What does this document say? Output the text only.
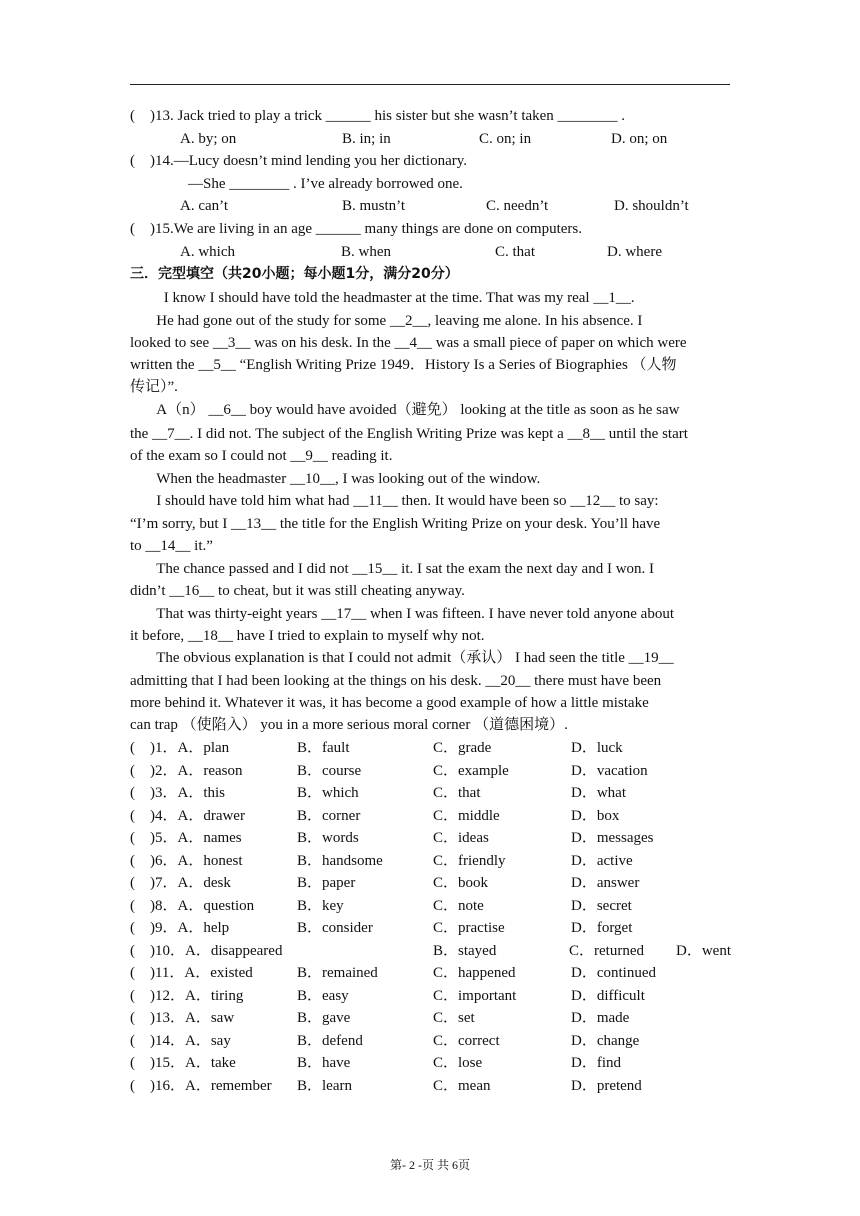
(    )13. Jack tried to play a trick ______ his sister but she wasn’t taken ________ .
A. by; on	B. in; in	C. on; in	D. on; on
(    )14.—Lucy doesn’t mind lending you her dictionary.
—She ________ . I’ve already borrowed one.
A. can’t	B. mustn’t	C. needn’t	D. shouldn’t
(    )15.We are living in an age ______ many things are done on computers.
A. which	B. when	C. that	D. where
三．完型填空（共20小题；每小题1分，满分20分）
I know I should have told the headmaster at the time. That was my real __1__.
He had gone out of the study for some __2__, leaving me alone. In his absence. I
looked to see __3__ was on his desk. In the __4__ was a small piece of paper on which were
written the __5__ “English Writing Prize 1949．History Is a Series of Biographies （人物
传记）”.
A（n） __6__ boy would have avoided（避免） looking at the title as soon as he saw
the __7__. I did not. The subject of the English Writing Prize was kept a __8__ until the start
of the exam so I could not __9__ reading it.
When the headmaster __10__, I was looking out of the window.
I should have told him what had __11__ then. It would have been so __12__ to say:
“I’m sorry, but I __13__ the title for the English Writing Prize on your desk. You’ll have
to __14__ it.”
The chance passed and I did not __15__ it. I sat the exam the next day and I won. I
didn’t __16__ to cheat, but it was still cheating anyway.
That was thirty-eight years __17__ when I was fifteen. I have never told anyone about
it before, __18__ have I tried to explain to myself why not.
The obvious explanation is that I could not admit（承认） I had seen the title __19__
admitting that I had been looking at the things on his desk. __20__ there must have been
more behind it. Whatever it was, it has become a good example of how a little mistake
can trap （使陷入） you in a more serious moral corner （道德困境）.
(    )1．A．plan	B．fault	C．grade	D．luck
(    )2．A．reason	B．course	C．example	D．vacation
(    )3．A．this	B．which	C．that	D．what
(    )4．A．drawer	B．corner	C．middle	D．box
(    )5．A．names	B．words	C．ideas	D．messages
(    )6．A．honest	B．handsome	C．friendly	D．active
(    )7．A．desk	B．paper	C．book	D．answer
(    )8．A．question	B．key	C．note	D．secret
(    )9．A．help	B．consider	C．practise	D．forget
(    )10．A．disappeared	B．stayed	C．returned D．went
(    )11．A．existed	B．remained	C．happened	D．continued
(    )12．A．tiring	B．easy	C．important	D．difficult
(    )13．A．saw	B．gave	C．set	D．made
(    )14．A．say	B．defend	C．correct	D．change
(    )15．A．take	B．have	C．lose	D．find
(    )16．A．remember B．learn	C．mean	D．pretend
第- 2 -页 共 6页
